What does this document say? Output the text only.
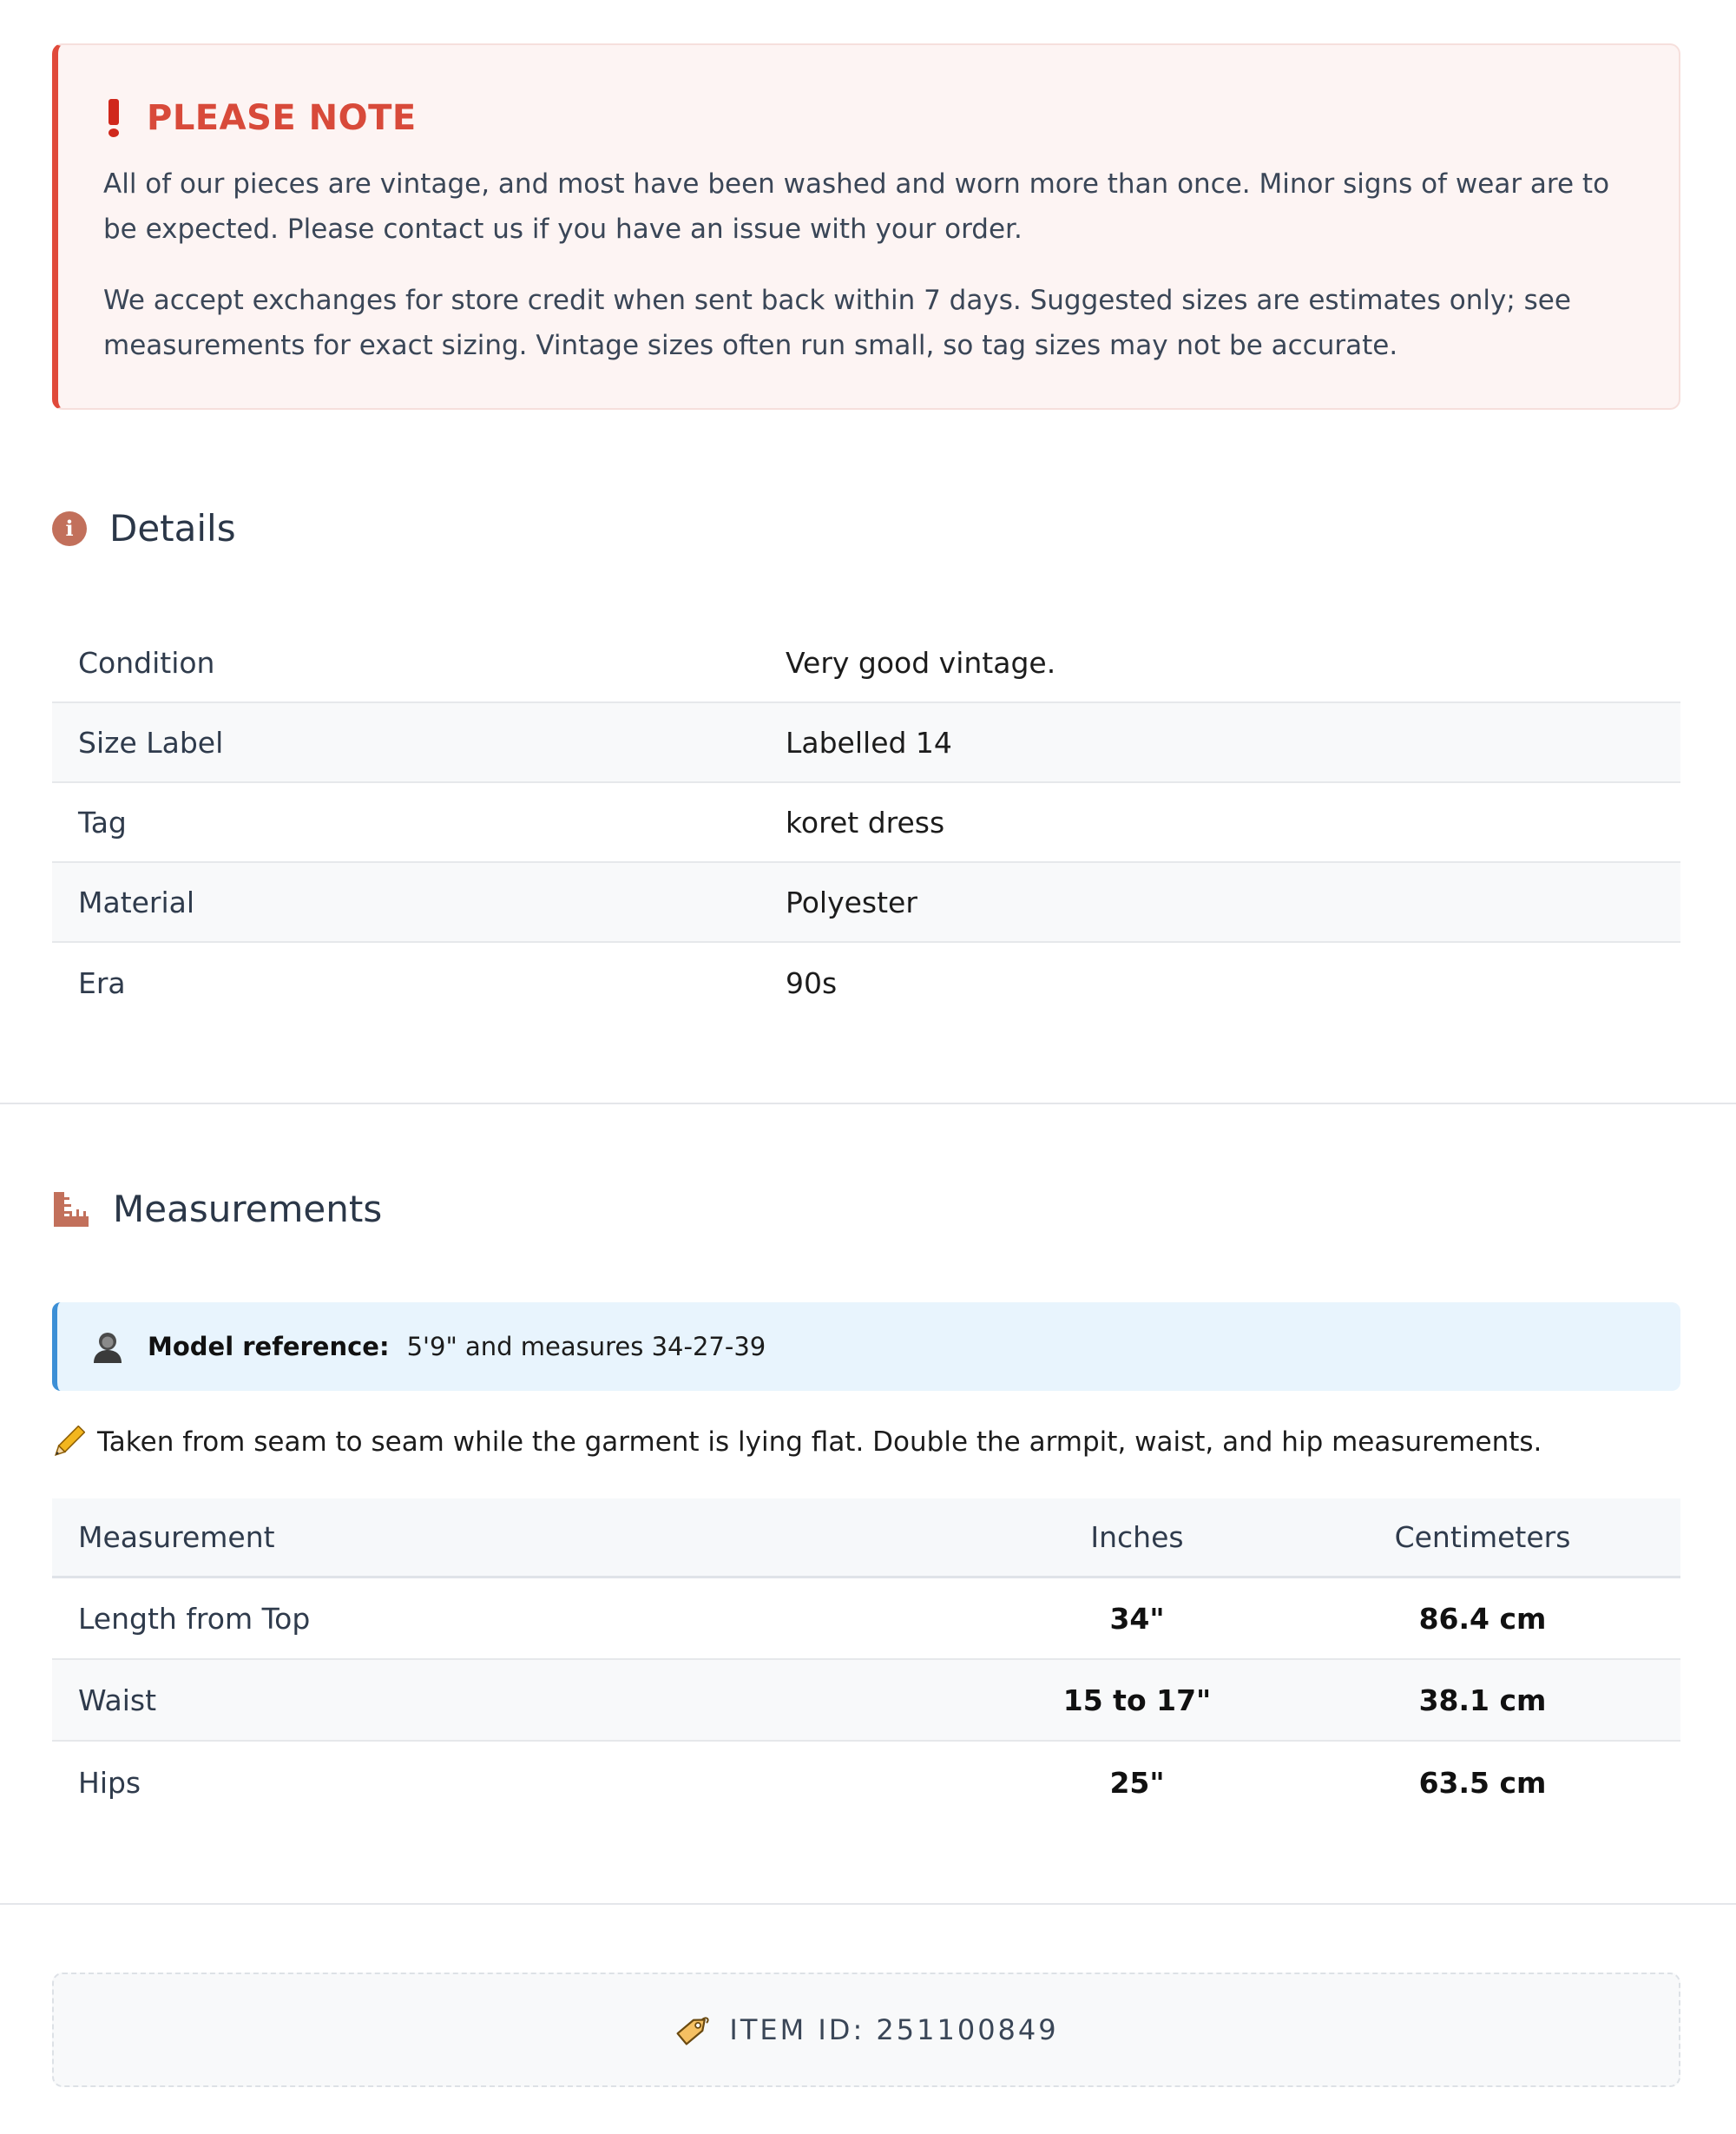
PLEASE NOTE

All of our pieces are vintage, and most have been washed and worn more than once. Minor signs of wear are to be expected. Please contact us if you have an issue with your order.

We accept exchanges for store credit when sent back within 7 days. Suggested sizes are estimates only; see measurements for exact sizing. Vintage sizes often run small, so tag sizes may not be accurate.

i Details
Condition	Very good vintage.
Size Label	Labelled 14
Tag	koret dress
Material	Polyester
Era	90s
Measurements
Model reference: 5'9" and measures 34-27-39
Taken from seam to seam while the garment is lying flat. Double the armpit, waist, and hip measurements.
Measurement	Inches	Centimeters
Length from Top	34"	86.4 cm
Waist	15 to 17"	38.1 cm
Hips	25"	63.5 cm
ITEM ID: 251100849
